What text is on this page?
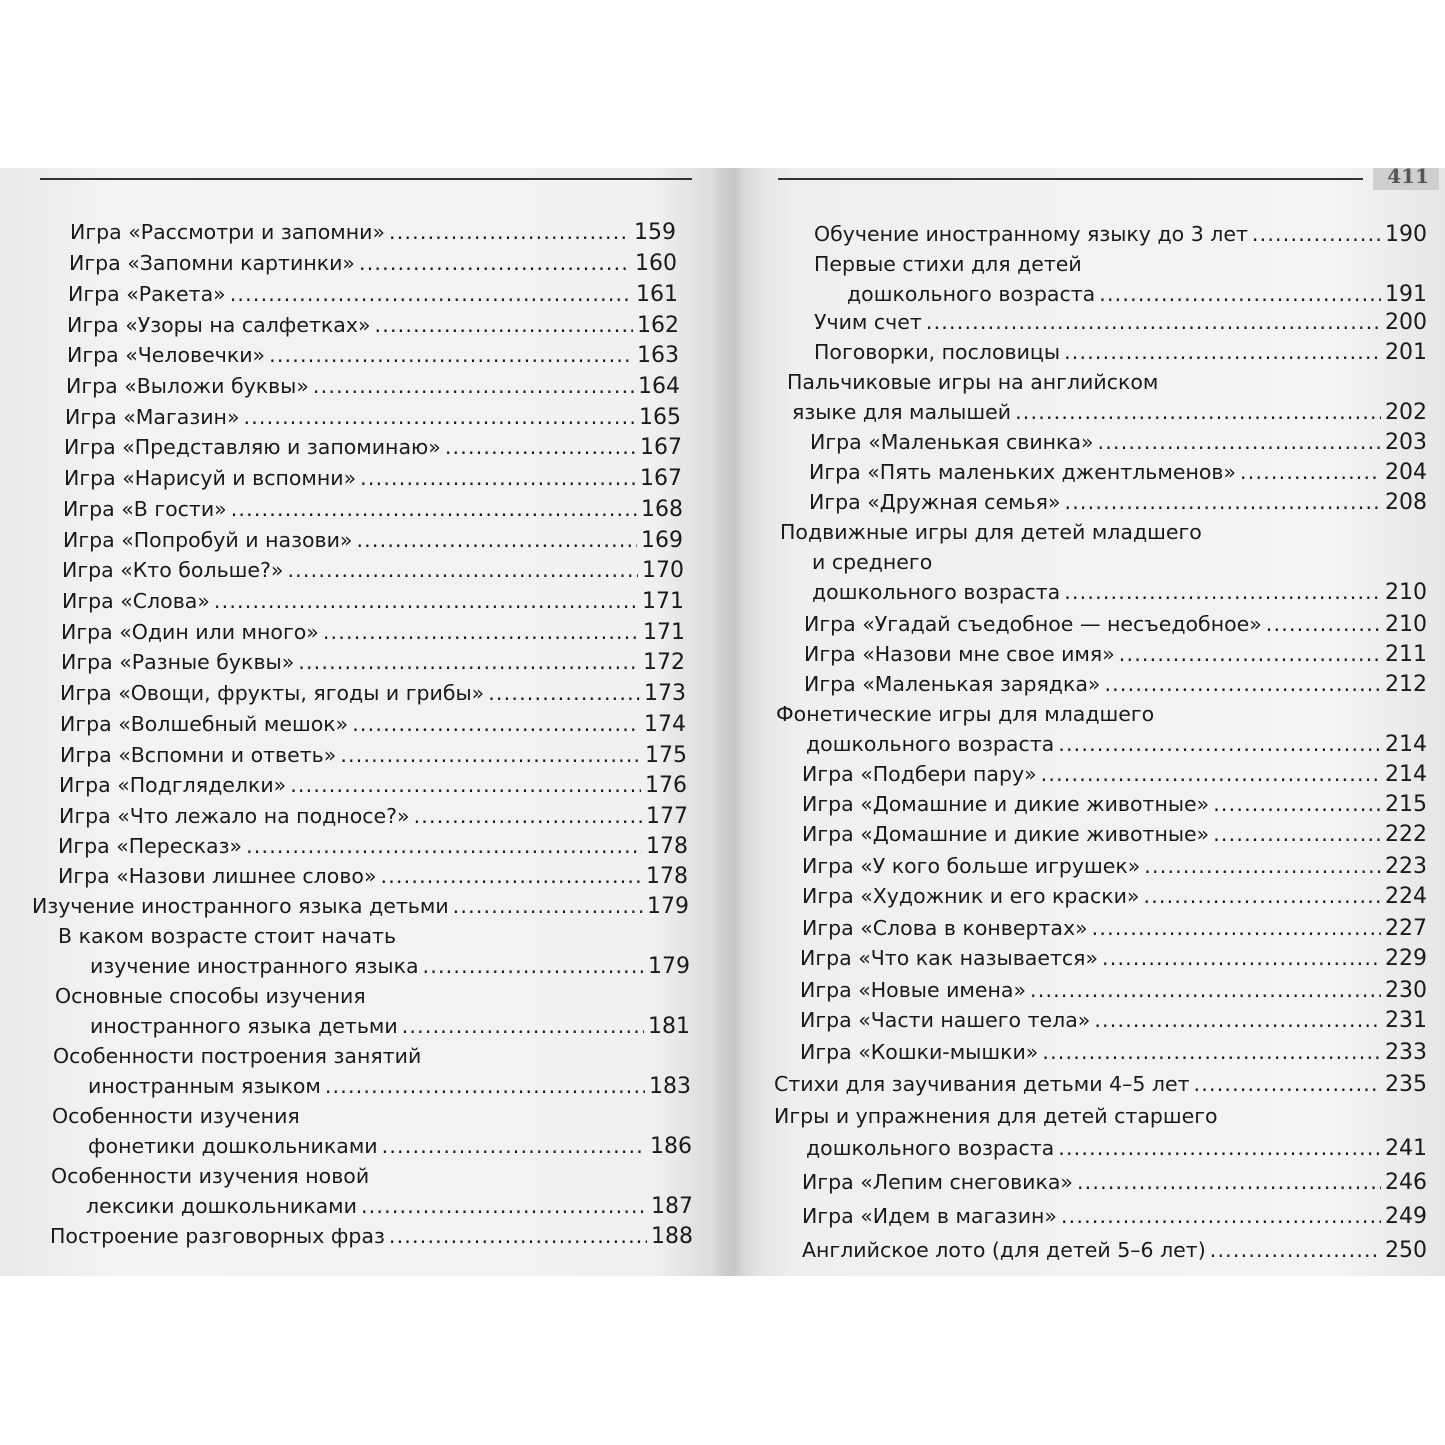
411
Игра «Рассмотри и запомни» .....	159
Игра «Запомни картинки» .....	160
Игра «Ракета» .....	161
Игра «Узоры на салфетках» .....	162
Игра «Человечки» .....	163
Игра «Выложи буквы» .....	164
Игра «Магазин» .....	165
Игра «Представляю и запоминаю» .....	167
Игра «Нарисуй и вспомни» .....	167
Игра «В гости» .....	168
Игра «Попробуй и назови» .....	169
Игра «Кто больше?» .....	170
Игра «Слова» .....	171
Игра «Один или много» .....	171
Игра «Разные буквы» .....	172
Игра «Овощи, фрукты, ягоды и грибы» .....	173
Игра «Волшебный мешок» .....	174
Игра «Вспомни и ответь» .....	175
Игра «Подгляделки» .....	176
Игра «Что лежало на подносе?» .....	177
Игра «Пересказ» .....	178
Игра «Назови лишнее слово» .....	178
Изучение иностранного языка детьми .....	179
В каком возрасте стоит начать
изучение иностранного языка .....	179
Основные способы изучения
иностранного языка детьми .....	181
Особенности построения занятий
иностранным языком .....	183
Особенности изучения
фонетики дошкольниками .....	186
Особенности изучения новой
лексики дошкольниками .....	187
Построение разговорных фраз .....	188
Обучение иностранному языку до 3 лет .....	190
Первые стихи для детей
дошкольного возраста .....	191
Учим счет .....	200
Поговорки, пословицы .....	201
Пальчиковые игры на английском
языке для малышей .....	202
Игра «Маленькая свинка» .....	203
Игра «Пять маленьких джентльменов» .....	204
Игра «Дружная семья» .....	208
Подвижные игры для детей младшего
и среднего
дошкольного возраста .....	210
Игра «Угадай съедобное — несъедобное» .....	210
Игра «Назови мне свое имя» .....	211
Игра «Маленькая зарядка» .....	212
Фонетические игры для младшего
дошкольного возраста .....	214
Игра «Подбери пару» .....	214
Игра «Домашние и дикие животные» .....	215
Игра «Домашние и дикие животные» .....	222
Игра «У кого больше игрушек» .....	223
Игра «Художник и его краски» .....	224
Игра «Слова в конвертах» .....	227
Игра «Что как называется» .....	229
Игра «Новые имена» .....	230
Игра «Части нашего тела» .....	231
Игра «Кошки-мышки» .....	233
Стихи для заучивания детьми 4–5 лет .....	235
Игры и упражнения для детей старшего
дошкольного возраста .....	241
Игра «Лепим снеговика» .....	246
Игра «Идем в магазин» .....	249
Английское лото (для детей 5–6 лет) .....	250
